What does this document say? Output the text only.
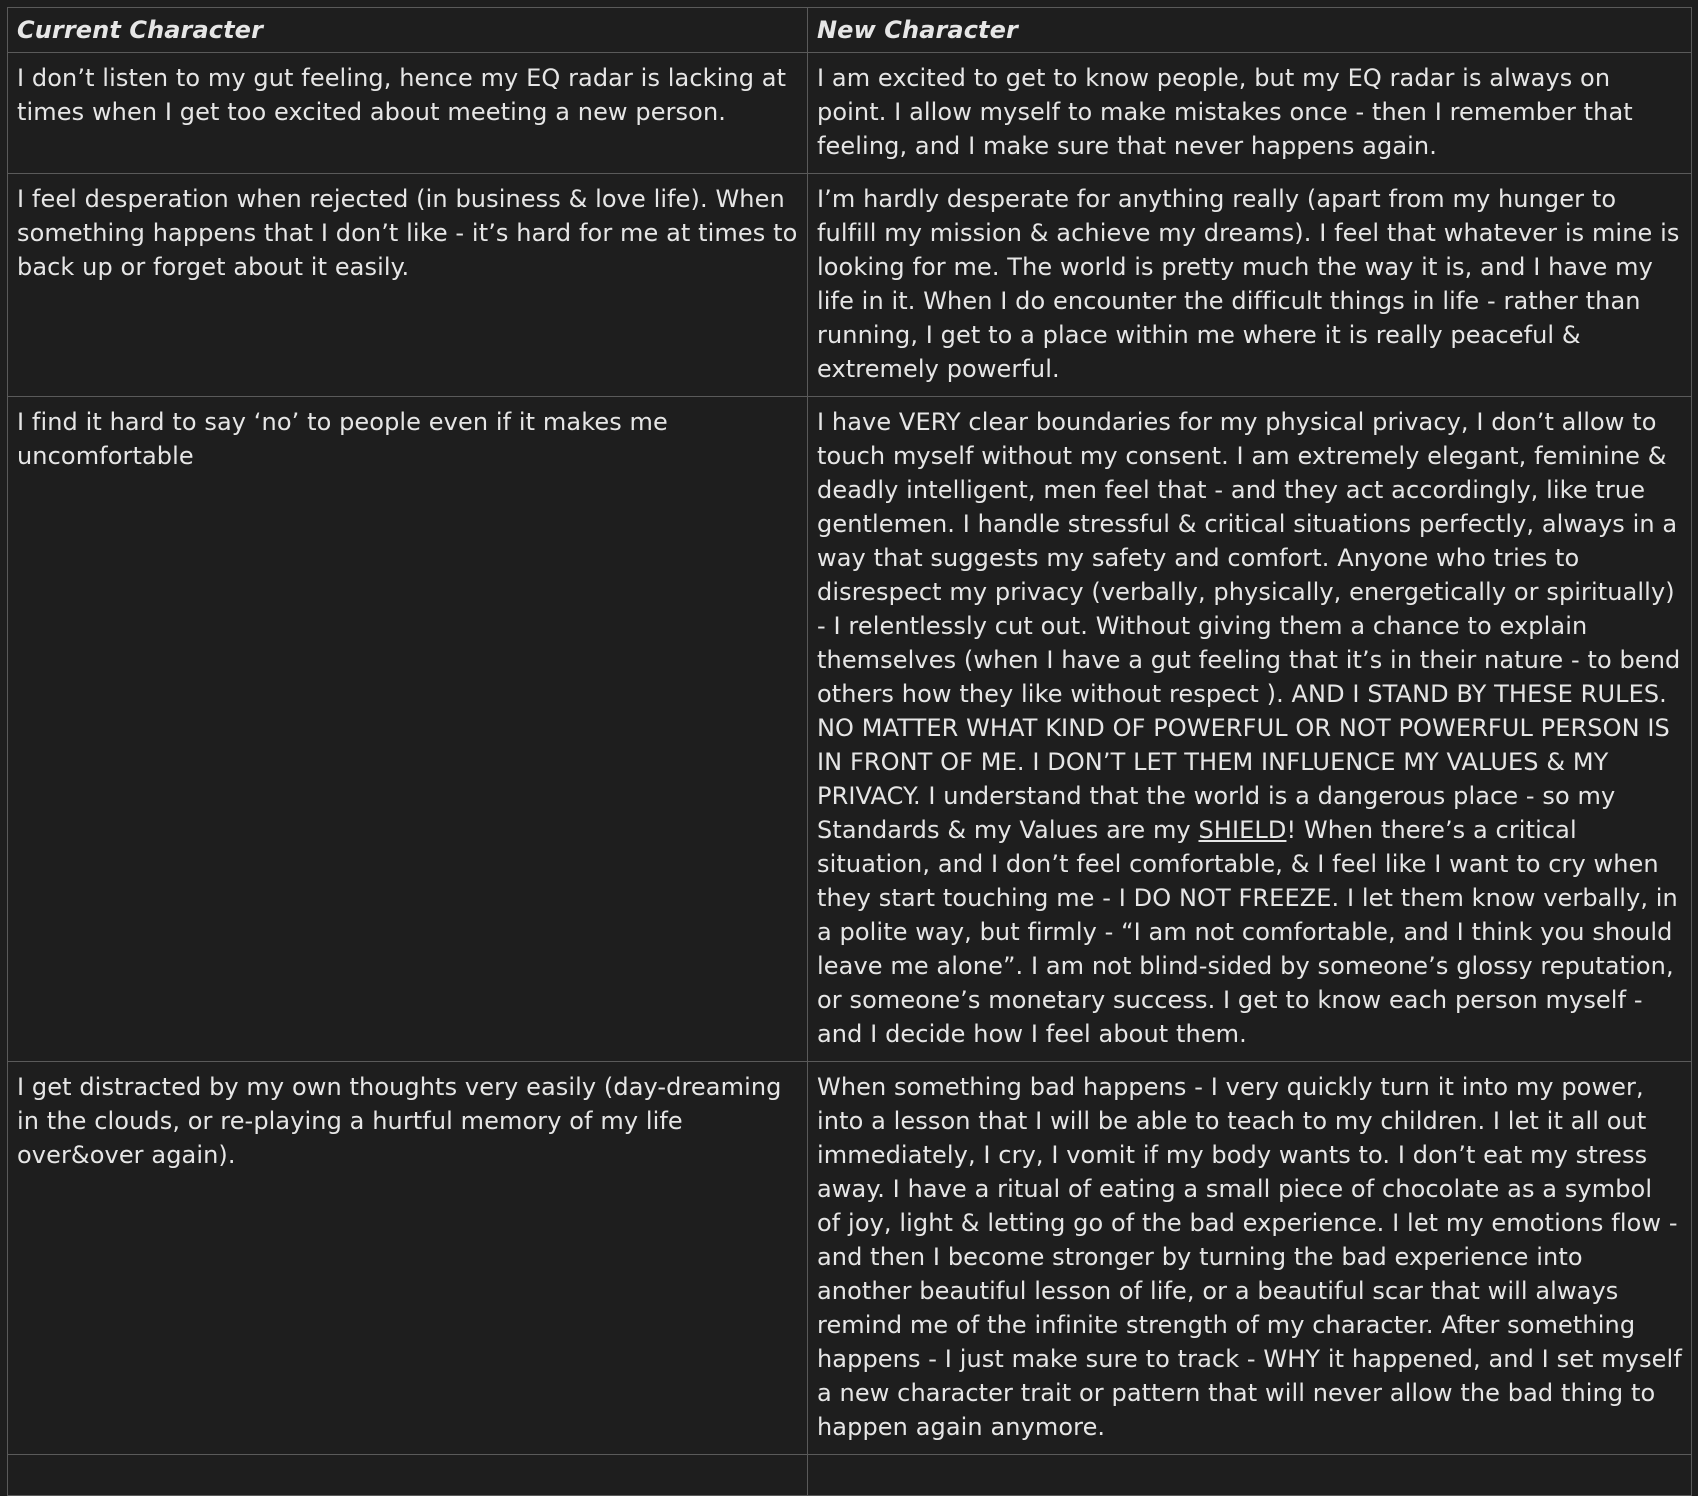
Current Character	New Character
I don’t listen to my gut feeling, hence my EQ radar is lacking at times when I get too excited about meeting a new person.	I am excited to get to know people, but my EQ radar is always on point. I allow myself to make mistakes once - then I remember that feeling, and I make sure that never happens again.
I feel desperation when rejected (in business & love life). When something happens that I don’t like - it’s hard for me at times to back up or forget about it easily.	I’m hardly desperate for anything really (apart from my hunger to fulfill my mission & achieve my dreams). I feel that whatever is mine is looking for me. The world is pretty much the way it is, and I have my life in it. When I do encounter the difficult things in life - rather than running, I get to a place within me where it is really peaceful & extremely powerful.
I find it hard to say ‘no’ to people even if it makes me uncomfortable	I have VERY clear boundaries for my physical privacy, I don’t allow to touch myself without my consent. I am extremely elegant, feminine & deadly intelligent, men feel that - and they act accordingly, like true gentlemen. I handle stressful & critical situations perfectly, always in a way that suggests my safety and comfort. Anyone who tries to disrespect my privacy (verbally, physically, energetically or spiritually) - I relentlessly cut out. Without giving them a chance to explain themselves (when I have a gut feeling that it’s in their nature - to bend others how they like without respect ). AND I STAND BY THESE RULES. NO MATTER WHAT KIND OF POWERFUL OR NOT POWERFUL PERSON IS IN FRONT OF ME. I DON’T LET THEM INFLUENCE MY VALUES & MY PRIVACY. I understand that the world is a dangerous place - so my Standards & my Values are my SHIELD! When there’s a critical situation, and I don’t feel comfortable, & I feel like I want to cry when they start touching me - I DO NOT FREEZE. I let them know verbally, in a polite way, but firmly - “I am not comfortable, and I think you should leave me alone”. I am not blind-sided by someone’s glossy reputation, or someone’s monetary success. I get to know each person myself - and I decide how I feel about them.
I get distracted by my own thoughts very easily (day-dreaming in the clouds, or re-playing a hurtful memory of my life over&over again).	When something bad happens - I very quickly turn it into my power, into a lesson that I will be able to teach to my children. I let it all out immediately, I cry, I vomit if my body wants to. I don’t eat my stress away. I have a ritual of eating a small piece of chocolate as a symbol of joy, light & letting go of the bad experience. I let my emotions flow - and then I become stronger by turning the bad experience into another beautiful lesson of life, or a beautiful scar that will always remind me of the infinite strength of my character. After something happens - I just make sure to track - WHY it happened, and I set myself a new character trait or pattern that will never allow the bad thing to happen again anymore.
